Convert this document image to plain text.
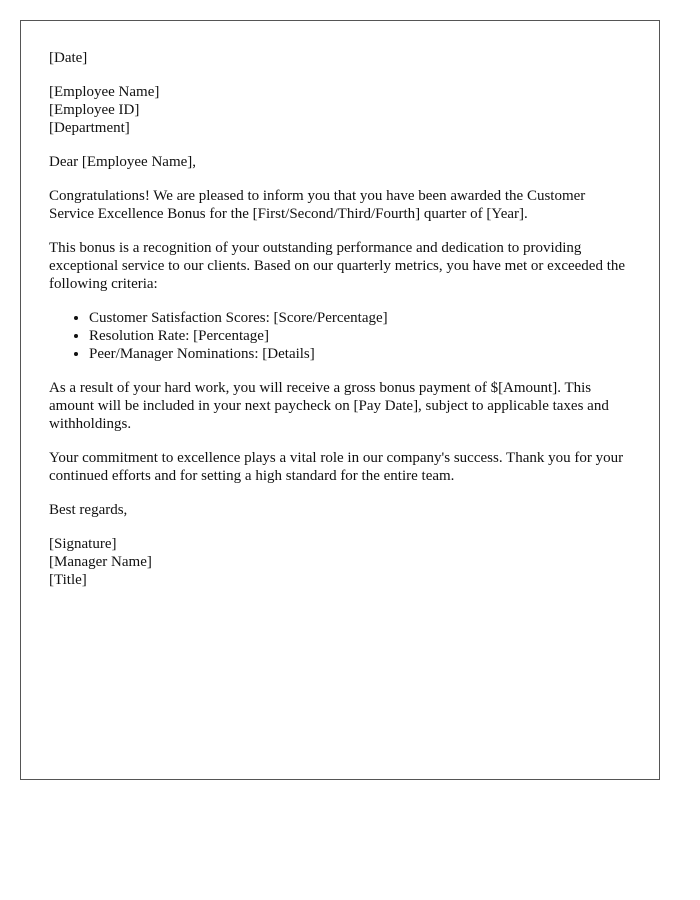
[Date]

[Employee Name]
[Employee ID]
[Department]

Dear [Employee Name],

Congratulations! We are pleased to inform you that you have been awarded the Customer Service Excellence Bonus for the [First/Second/Third/Fourth] quarter of [Year].

This bonus is a recognition of your outstanding performance and dedication to providing exceptional service to our clients. Based on our quarterly metrics, you have met or exceeded the following criteria:

• Customer Satisfaction Scores: [Score/Percentage]
• Resolution Rate: [Percentage]
• Peer/Manager Nominations: [Details]

As a result of your hard work, you will receive a gross bonus payment of $[Amount]. This amount will be included in your next paycheck on [Pay Date], subject to applicable taxes and withholdings.

Your commitment to excellence plays a vital role in our company's success. Thank you for your continued efforts and for setting a high standard for the entire team.

Best regards,

[Signature]
[Manager Name]
[Title]
